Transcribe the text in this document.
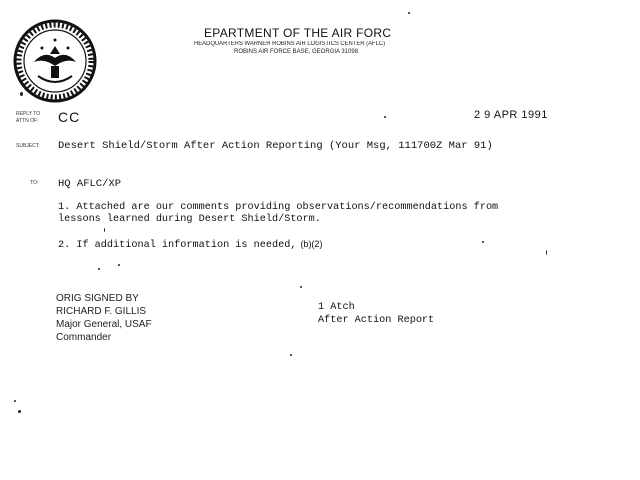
EPARTMENT OF THE AIR FORC
HEADQUARTERS WARNER ROBINS AIR LOGISTICS CENTER (AFLC)
ROBINS AIR FORCE BASE, GEORGIA 31098
REPLY TO
ATTN OF:
SUBJECT:
TO:
CC	2 9 APR 1991
Desert Shield/Storm After Action Reporting (Your Msg, 111700Z Mar 91)
HQ AFLC/XP
1. Attached are our comments providing observations/recommendations from
lessons learned during Desert Shield/Storm.
2. If additional information is needed, (b)(2)
ORIG SIGNED BY
RICHARD F. GILLIS
Major General, USAF
Commander
1 Atch
After Action Report
